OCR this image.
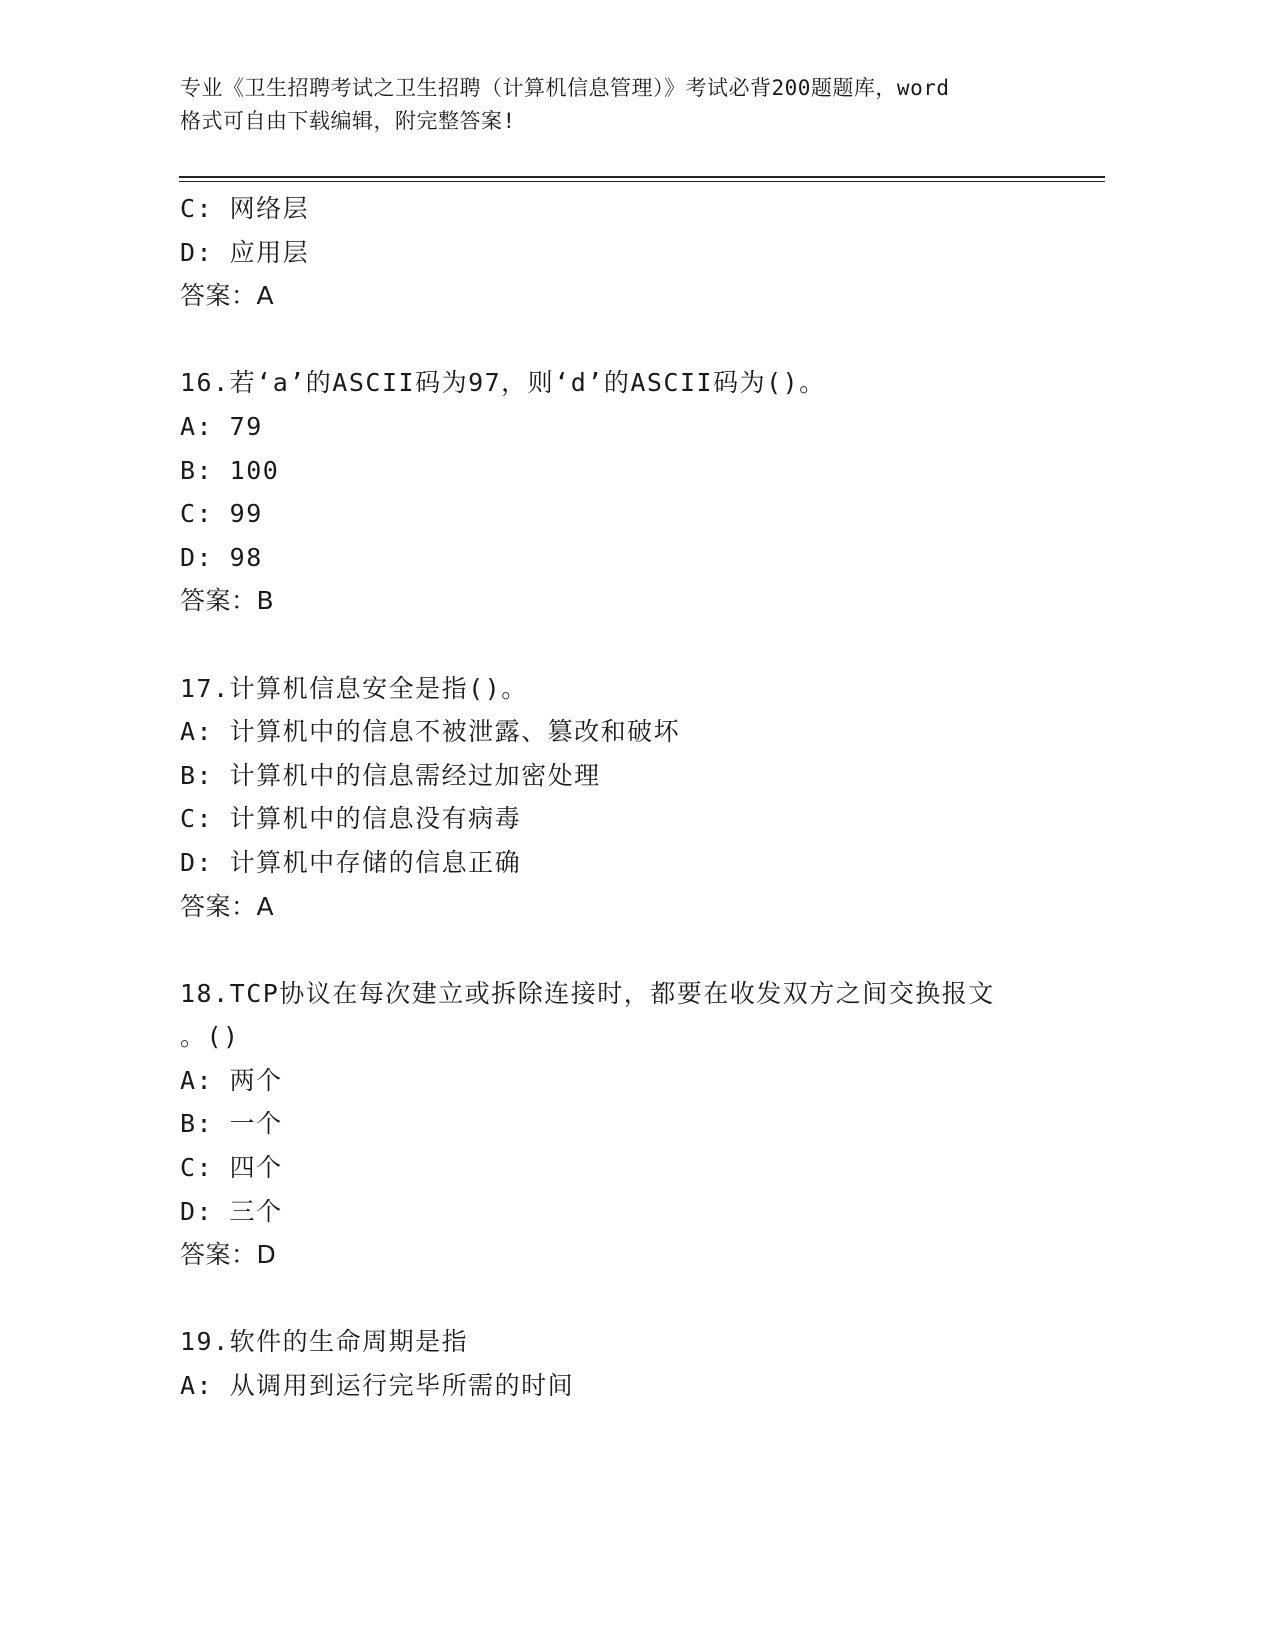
专业《卫生招聘考试之卫生招聘（计算机信息管理）》考试必背200题题库，word
格式可自由下载编辑，附完整答案!
C: 网络层
D: 应用层
答案：A
16.若‘a’的ASCII码为97，则‘d’的ASCII码为()。
A: 79
B: 100
C: 99
D: 98
答案：B
17.计算机信息安全是指()。
A: 计算机中的信息不被泄露、篡改和破坏
B: 计算机中的信息需经过加密处理
C: 计算机中的信息没有病毒
D: 计算机中存储的信息正确
答案：A
18.TCP协议在每次建立或拆除连接时，都要在收发双方之间交换报文
。()
A: 两个
B: 一个
C: 四个
D: 三个
答案：D
19.软件的生命周期是指
A: 从调用到运行完毕所需的时间
